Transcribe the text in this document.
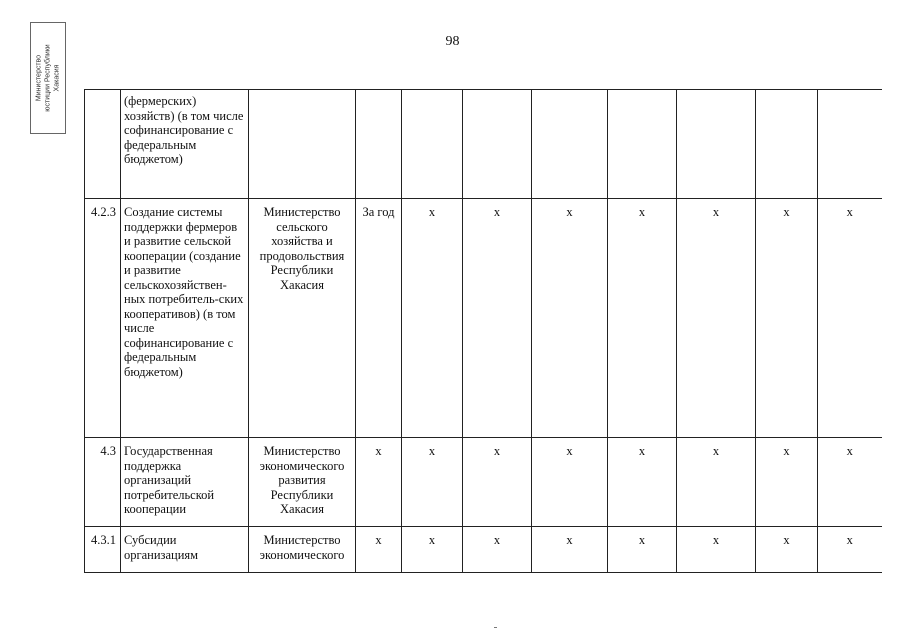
98
Министерство
юстиции Республики
Хакасия
	(фермерских) хозяйств) (в том числе софинансирование с федеральным бюджетом)									
4.2.3	Создание системы поддержки фермеров и развитие сельской кооперации (создание и развитие сельскохозяйствен-ных потребитель-ских кооперативов) (в том числе софинансирование с федеральным бюджетом)	Министерство сельского хозяйства и продовольствия Республики Хакасия	За год	х	х	х	х	х	х	х
4.3	Государственная поддержка организаций потребительской кооперации	Министерство экономического развития Республики Хакасия	х	х	х	х	х	х	х	х
4.3.1	Субсидии организациям	Министерство экономического	х	х	х	х	х	х	х	х
